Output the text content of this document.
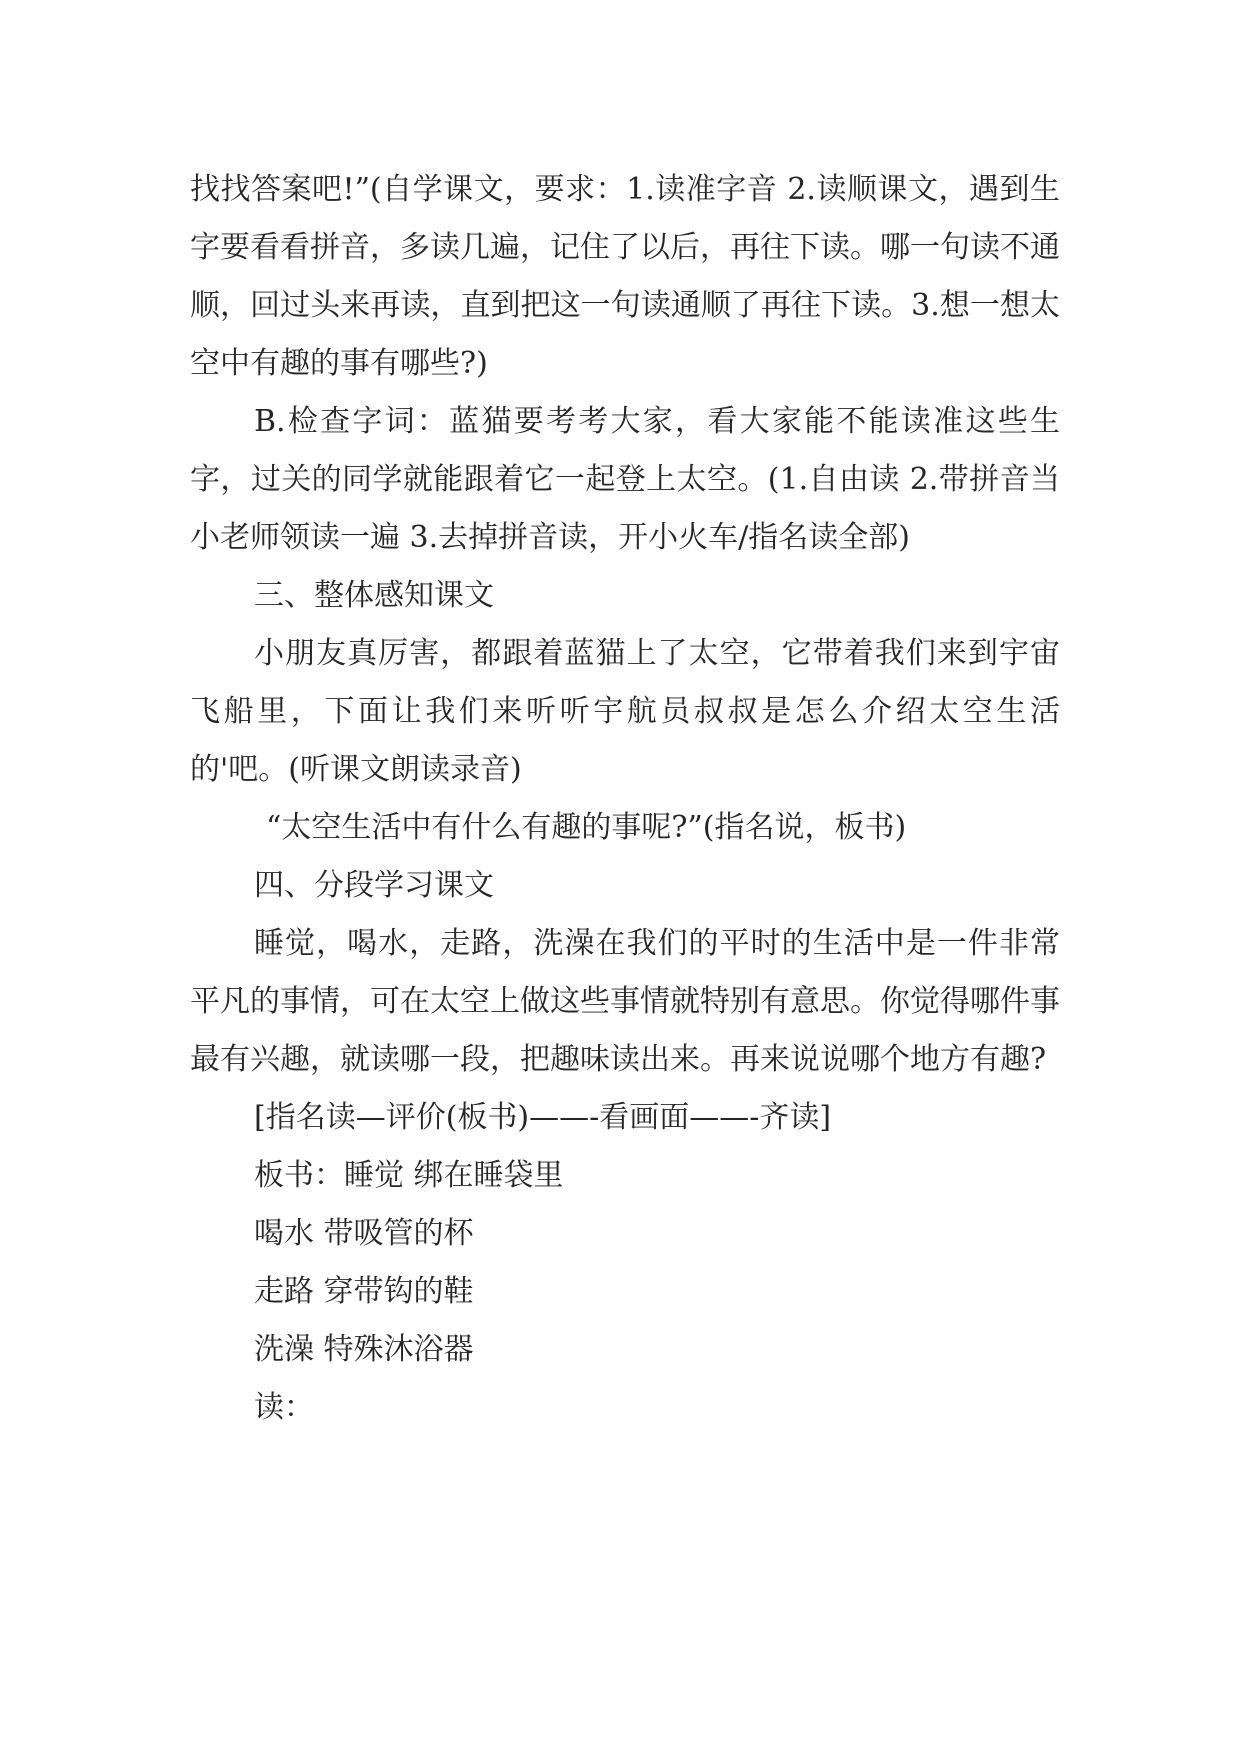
找找答案吧!”(自学课文，要求：1.读准字音 2.读顺课文，遇到生字要看看拼音，多读几遍，记住了以后，再往下读。哪一句读不通顺，回过头来再读，直到把这一句读通顺了再往下读。3.想一想太空中有趣的事有哪些?)

B.检查字词：蓝猫要考考大家，看大家能不能读准这些生字，过关的同学就能跟着它一起登上太空。(1.自由读 2.带拼音当小老师领读一遍 3.去掉拼音读，开小火车/指名读全部)

三、整体感知课文

小朋友真厉害，都跟着蓝猫上了太空，它带着我们来到宇宙飞船里，下面让我们来听听宇航员叔叔是怎么介绍太空生活的'吧。(听课文朗读录音)

“太空生活中有什么有趣的事呢?”(指名说，板书)

四、分段学习课文

睡觉，喝水，走路，洗澡在我们的平时的生活中是一件非常平凡的事情，可在太空上做这些事情就特别有意思。你觉得哪件事最有兴趣，就读哪一段，把趣味读出来。再来说说哪个地方有趣?

[指名读—评价(板书)——-看画面——-齐读]

板书：睡觉 绑在睡袋里

喝水 带吸管的杯

走路 穿带钩的鞋

洗澡 特殊沐浴器

读：
